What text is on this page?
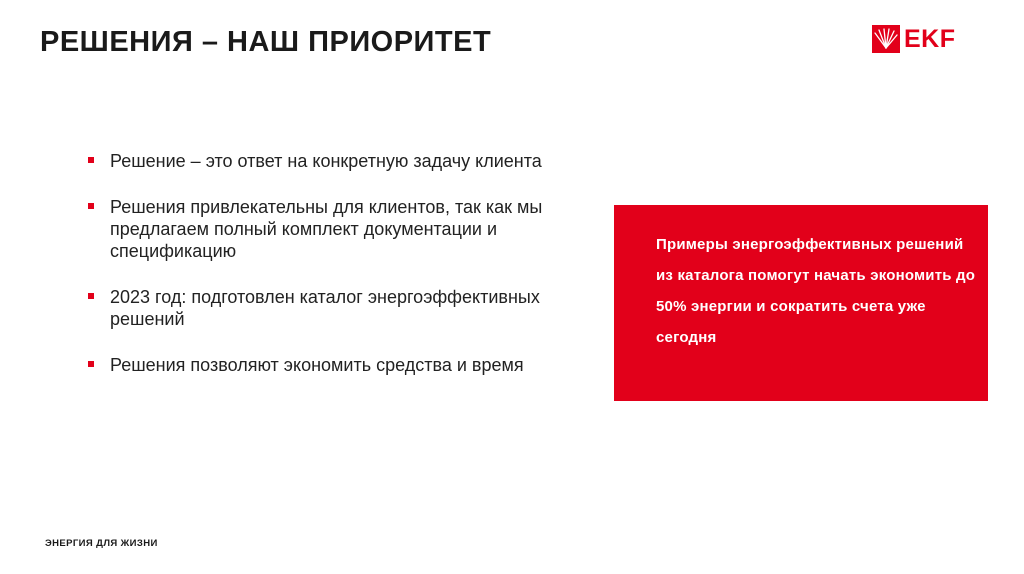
РЕШЕНИЯ – НАШ ПРИОРИТЕТ	EKF
Решение – это ответ на конкретную задачу клиента
Решения привлекательны для клиентов, так как мы предлагаем полный комплект документации и спецификацию
2023 год: подготовлен каталог энергоэффективных решений
Решения позволяют экономить средства и время
Примеры энергоэффективных решений из каталога помогут начать экономить до 50% энергии и сократить счета уже сегодня
ЭНЕРГИЯ ДЛЯ ЖИЗНИ
